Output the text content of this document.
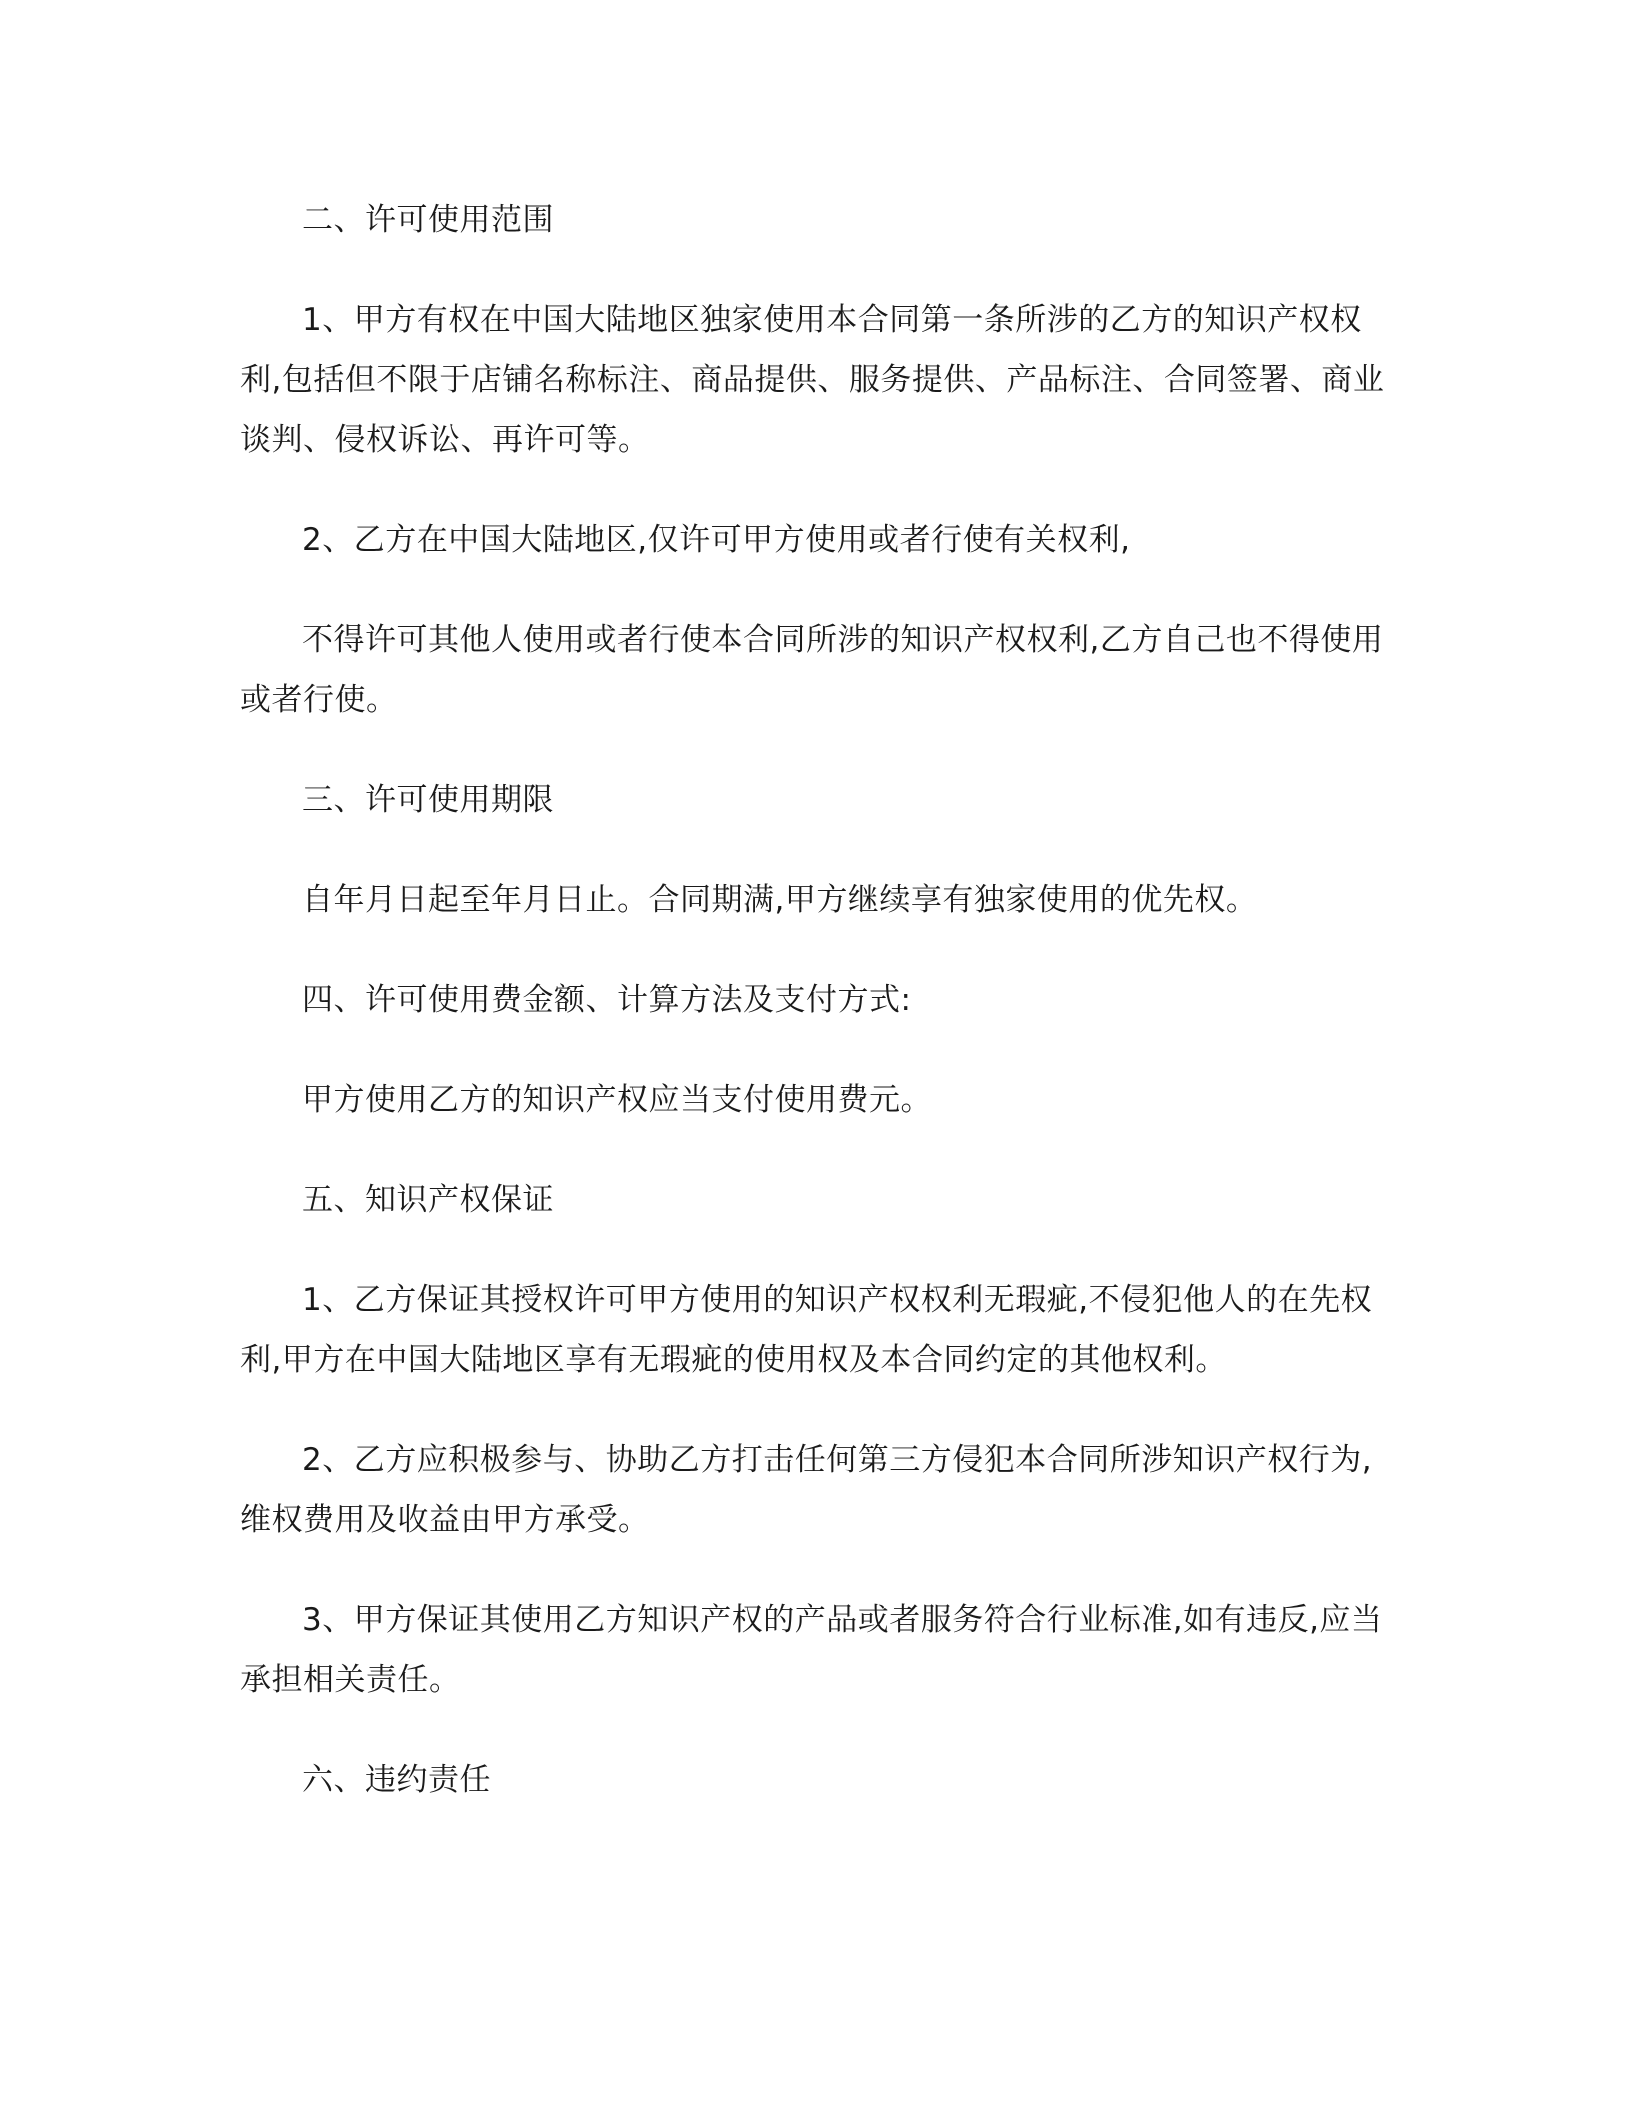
二、许可使用范围

1、甲方有权在中国大陆地区独家使用本合同第一条所涉的乙方的知识产权权利,包括但不限于店铺名称标注、商品提供、服务提供、产品标注、合同签署、商业谈判、侵权诉讼、再许可等。

2、乙方在中国大陆地区,仅许可甲方使用或者行使有关权利,

不得许可其他人使用或者行使本合同所涉的知识产权权利,乙方自己也不得使用或者行使。

三、许可使用期限

自年月日起至年月日止。合同期满,甲方继续享有独家使用的优先权。

四、许可使用费金额、计算方法及支付方式:

甲方使用乙方的知识产权应当支付使用费元。

五、知识产权保证

1、乙方保证其授权许可甲方使用的知识产权权利无瑕疵,不侵犯他人的在先权利,甲方在中国大陆地区享有无瑕疵的使用权及本合同约定的其他权利。

2、乙方应积极参与、协助乙方打击任何第三方侵犯本合同所涉知识产权行为,维权费用及收益由甲方承受。

3、甲方保证其使用乙方知识产权的产品或者服务符合行业标准,如有违反,应当承担相关责任。

六、违约责任
